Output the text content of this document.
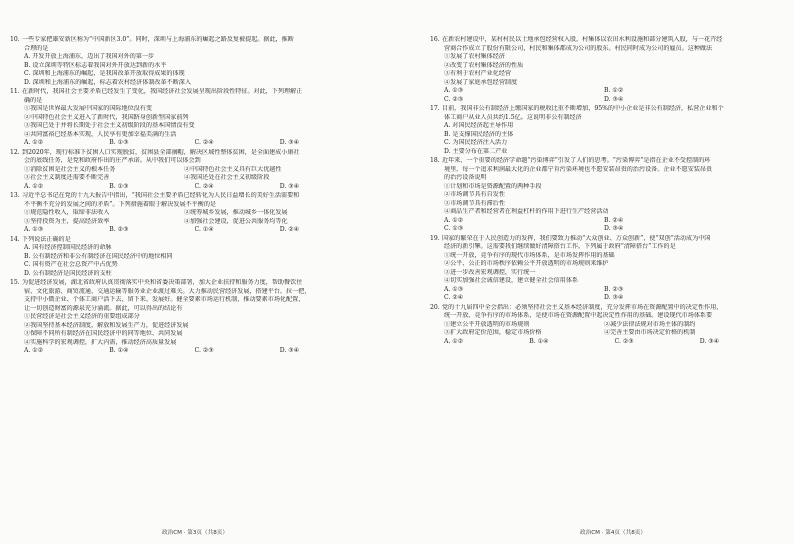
10. 一些专家把雄安新区称为“中国新区3.0”。同时，深圳与上海浦东的崛起之路反复被提起。据此，推断
合理的是
A. 开发开放上海浦东，迈出了我国对外的第一步
B. 设立深圳等特区标志着我国对外开放达到新的水平
C. 深圳和上海浦东的崛起，是我国改革开放取得成果的体现
D. 深圳和上海浦东的崛起，标志着农村经济体制改革不断深入
11. 在新时代，我国社会主要矛盾已经发生了变化，我国经济社会发展呈现出阶段性特征。对此，下列理解正
确的是
①我国是世界最大发展中国家的国际地位没有变
②中国特色社会主义进入了新时代，我国跻身创新型国家前列
③我国已处于并将长期处于社会主义初级阶段的基本国情没有变
④共同富裕已经基本实现，人民享有更加幸福美满的生活
A. ①②	B. ①③	C. ②④	D. ③④
12. 到2020年，现行标准下贫困人口实现脱贫，贫困县全部摘帽，解决区域性整体贫困，是全面建成小康社
会的底线任务，是党和政府作出的庄严承诺。从中我们可以体会到
①消除贫困是社会主义的根本任务	②中国特色社会主义具有巨大优越性
③社会主义制度还需要不断完善	④我国还处在社会主义初级阶段
A. ①②	B. ①③	C. ②④	D. ③④
13. 习近平总书记在党的十九大报告中指出，“我国社会主要矛盾已经转化为人民日益增长的美好生活需要和
不平衡不充分的发展之间的矛盾”。下列措施着眼于解决发展不平衡的是
①规范隐性收入，取缔非法收入	②统筹城乡发展，推动城乡一体化发展
③坚持投资为主，提高经济效率	④加强社会建设，促进公共服务均等化
A. ①③	B. ②③	C. ①④	D. ②④
14. 下列说法正确的是
A. 国有经济控制国民经济的命脉
B. 公有制经济和非公有制经济在国民经济中的地位相同
C. 国有资产在社会总资产中占优势
D. 公有制经济是国民经济的支柱
15. 为促进经济发展，湖北省政府认真贯彻落实中央和省委决策部署，加大企业扶持和服务力度，帮助餐饮住
宿、文化旅游、商贸流通、交通运输等服务业企业渡过难关。大力推动民营经济发展，搭建平台、拉一把，
支持中小微企业、个体工商户活下去、留下来、发展好。健全要素市场运行机制，推动要素市场化配置，
让一切创造财富的源泉充分涌流。据此，可以得出的结论有
①民营经济是社会主义经济的重要组成部分
②我国坚持基本经济制度，解放和发展生产力，促进经济发展
③保障不同所有制经济在国民经济中的同等地位、共同发展
④实施科学的宏观调控，扩大内需，推动经济高质量发展
A. ①②	B. ①④	C. ②③	D. ③④
16. 在新农村建设中，某村村民以土地承包经营权入股，村集体以农田水利设施和部分建筑入股，与一花卉经
营商合作成立了股份有限公司，村民和集体都成为公司的股东。村民同时成为公司的雇员。这种做法
①发展了农村集体经济
②改变了农村集体经济的性质
③有利于农村产业化经营
④发展了家庭承包经营制度
A. ①③	B. ①②
C. ②③	D. ③④
17. 目前，我国非公有制经济上缴国家的税收比重不断增加，95%的中小企业是非公有制经济，私营企业和个
体工商户从业人员共约1.5亿。这说明非公有制经济
A. 对国民经济起主导作用
B. 是支撑国民经济的主体
C. 为国民经济注入活力
D. 主要分布在第二产业
18. 近年来，一个重要的经济学命题“污染博弈”引发了人们的思考。“污染博弈”是指在企业不受控制的环
境里，每一个追求利润最大化的企业都宁肯污染环境也不愿安装昂贵的治污设备。企业不愿安装昂贵
的治污设备说明
①计划和市场是资源配置的两种手段
②市场调节具有自发性
③市场调节具有滞后性
④商品生产者和经营者在利益杠杆的作用下进行生产经营活动
A. ①②	B. ②④
C. ①③	D. ③④
19. 国家的繁荣在于人民创造力的发挥，我们要致力推动“大众创业、万众创新”，使“双创”活动成为中国
经济的新引擎。这需要我们继续做好清障搭台工作。下列属于政府“清障搭台”工作的是
①统一开放，竞争有序的现代市场体系，是市场发挥作用的基础
②公平、公正的市场秩序依赖公平开放透明的市场规则来维护
③进一步改善宏观调控，实行统一
④切实加强社会诚信建设，建立健全社会信用体系
A. ①③	B. ②③
C. ②④	D. ③④
20. 党的十九届四中全会指出：必须坚持社会主义基本经济制度，充分发挥市场在资源配置中的决定性作用，
统一开放、竞争有序的市场体系，是使市场在资源配置中起决定性作用的基础。建设现代市场体系要
①建立公平开放透明的市场规则	②减少法律法规对市场主体的制约
③扩大政府定价范围，稳定市场价格	④完善主要由市场决定价格的机制
A. ①②	B. ①④	C. ②③	D. ③④
政治CM · 第3页（共8页）	政治CM · 第4页（共8页）
